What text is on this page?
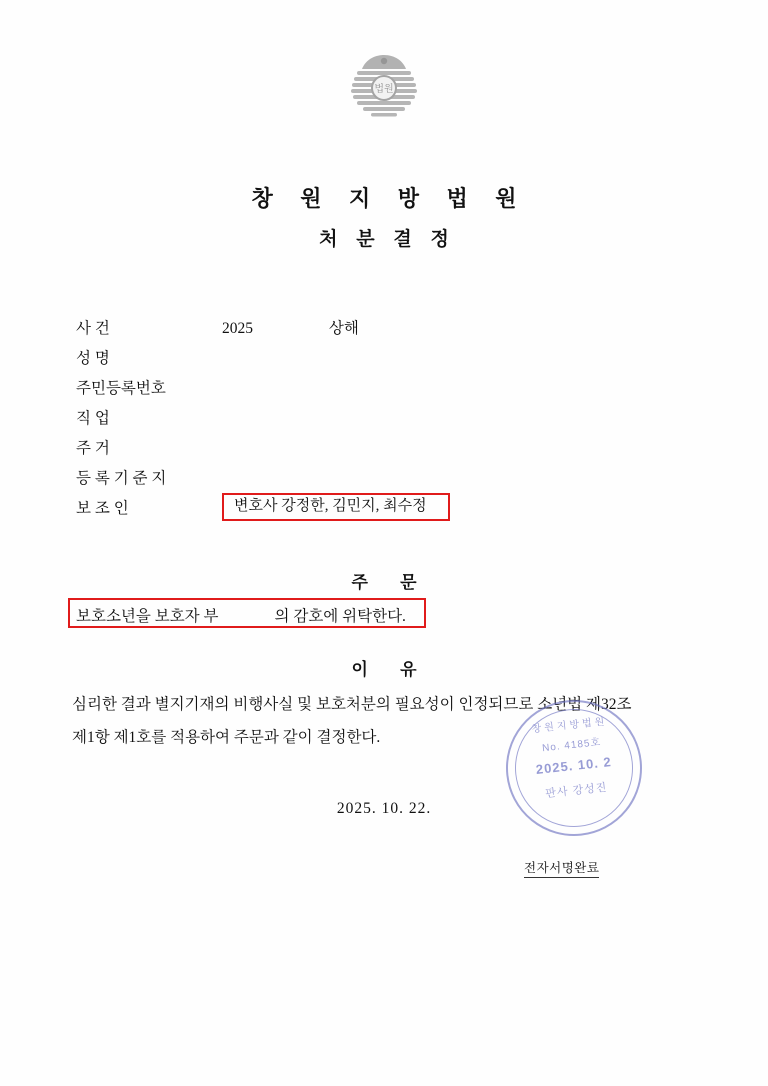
법원
창 원 지 방 법 원
처 분 결 정
사 건	2025	상해
성 명
주민등록번호
직 업
주 거
등 록 기 준 지
보 조 인	변호사 강정한, 김민지, 최수정
주 문
보호소년을 보호자 부	의 감호에 위탁한다.
이 유
심리한 결과 별지기재의 비행사실 및 보호처분의 필요성이 인정되므로 소년법 제32조
제1항 제1호를 적용하여 주문과 같이 결정한다.
2025. 10. 22.
창원지방법원
No. 4185호
2025. 10. 2
판사 강성진
전자서명완료
